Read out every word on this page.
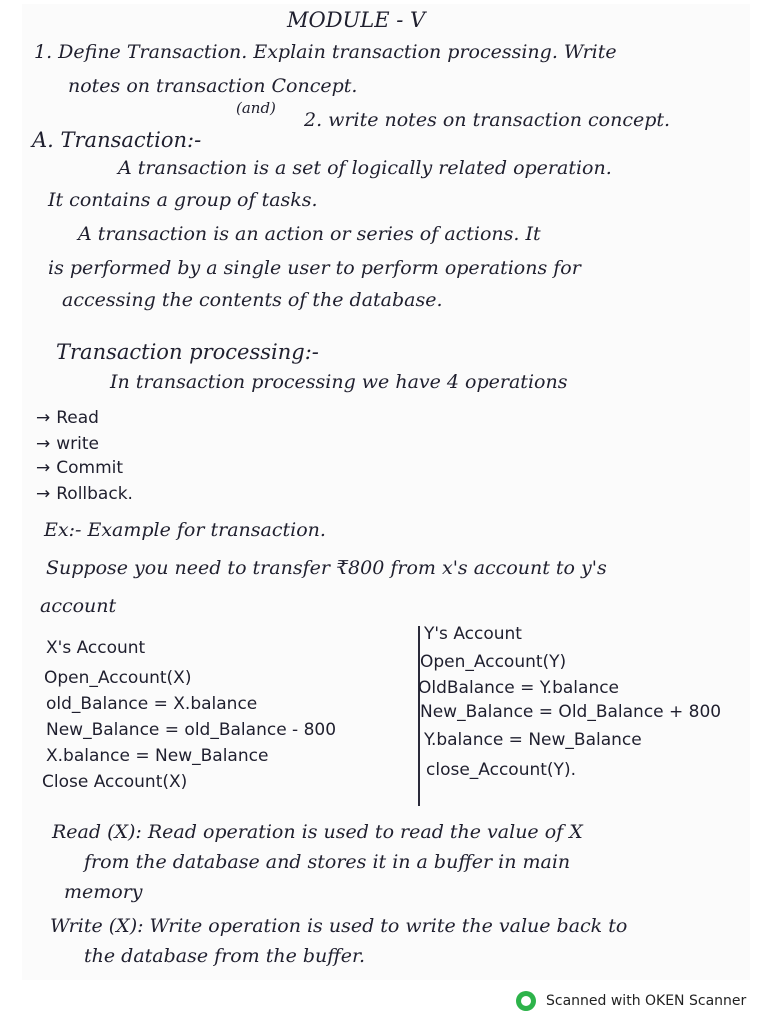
MODULE - V
1. Define Transaction. Explain transaction processing. Write
notes on transaction Concept.
(and)
2. write notes on transaction concept.
A. Transaction:-
A transaction is a set of logically related operation.
It contains a group of tasks.
A transaction is an action or series of actions. It
is performed by a single user to perform operations for
accessing the contents of the database.
Transaction processing:-
In transaction processing we have 4 operations
→ Read
→ write
→ Commit
→ Rollback.
Ex:- Example for transaction.
Suppose you need to transfer ₹800 from x's account to y's
account
X's Account
Open_Account(X)
old_Balance = X.balance
New_Balance = old_Balance - 800
X.balance = New_Balance
Close Account(X)
Y's Account
Open_Account(Y)
OldBalance = Y.balance
New_Balance = Old_Balance + 800
Y.balance = New_Balance
close_Account(Y).
Read (X): Read operation is used to read the value of X
from the database and stores it in a buffer in main
memory
Write (X): Write operation is used to write the value back to
the database from the buffer.
Scanned with OKEN Scanner
